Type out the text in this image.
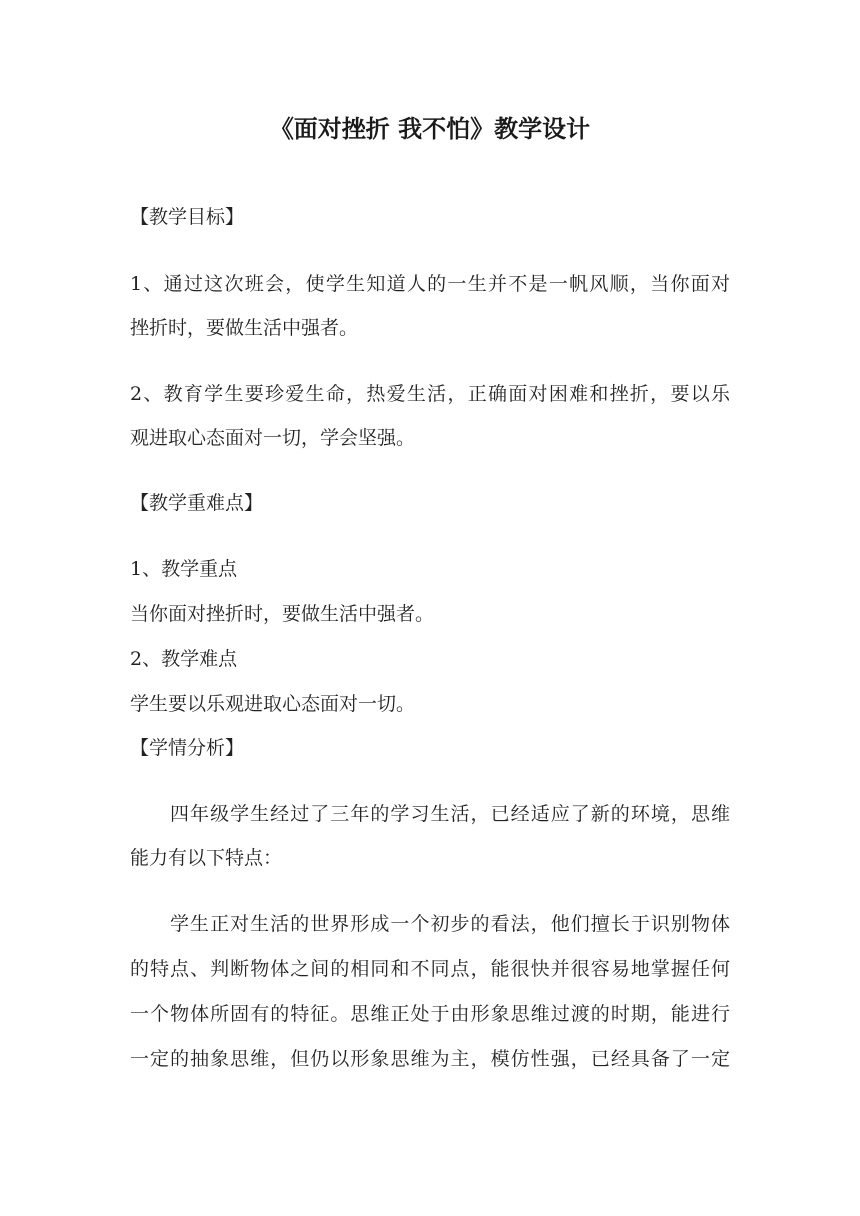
《面对挫折 我不怕》教学设计
【教学目标】
1、通过这次班会，使学生知道人的一生并不是一帆风顺，当你面对
挫折时，要做生活中强者。
2、教育学生要珍爱生命，热爱生活，正确面对困难和挫折，要以乐
观进取心态面对一切，学会坚强。
【教学重难点】
1、教学重点
当你面对挫折时，要做生活中强者。
2、教学难点
学生要以乐观进取心态面对一切。
【学情分析】
四年级学生经过了三年的学习生活，已经适应了新的环境，思维
能力有以下特点：
学生正对生活的世界形成一个初步的看法，他们擅长于识别物体
的特点、判断物体之间的相同和不同点，能很快并很容易地掌握任何
一个物体所固有的特征。思维正处于由形象思维过渡的时期，能进行
一定的抽象思维，但仍以形象思维为主，模仿性强，已经具备了一定
